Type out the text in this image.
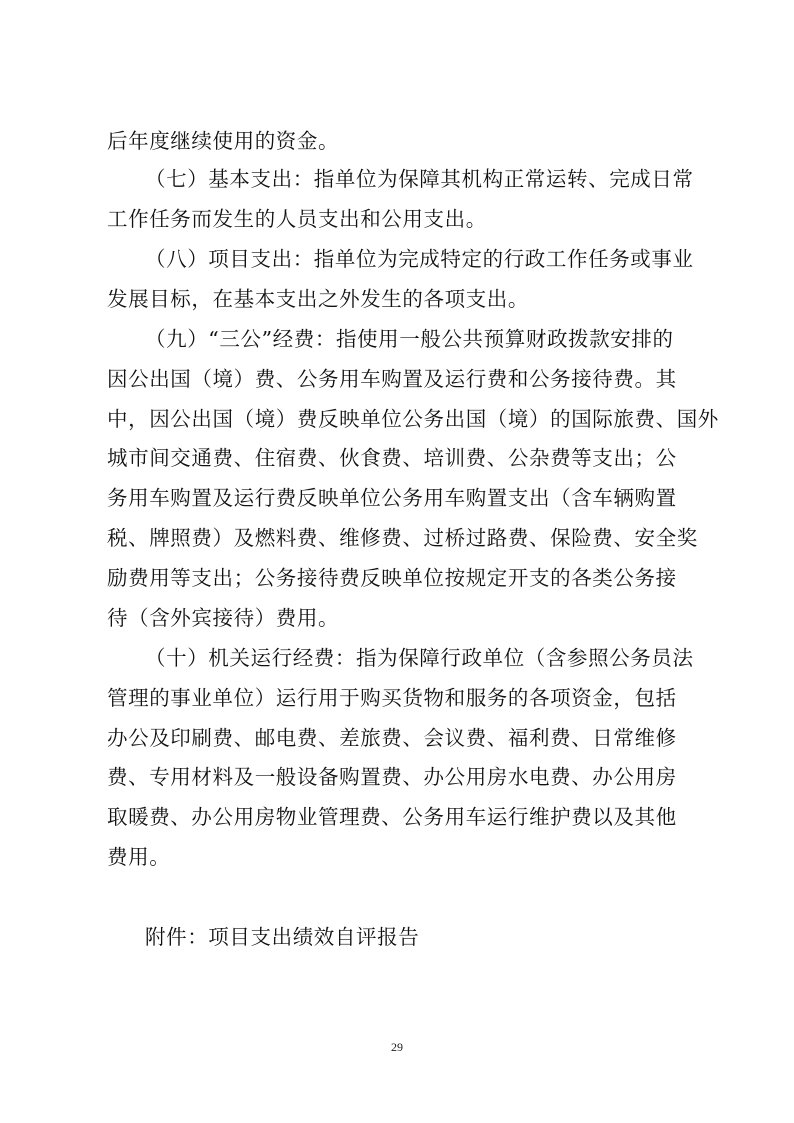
后年度继续使用的资金。
（七）基本支出：指单位为保障其机构正常运转、完成日常
工作任务而发生的人员支出和公用支出。
（八）项目支出：指单位为完成特定的行政工作任务或事业
发展目标，在基本支出之外发生的各项支出。
（九）“三公”经费：指使用一般公共预算财政拨款安排的
因公出国（境）费、公务用车购置及运行费和公务接待费。其
中，因公出国（境）费反映单位公务出国（境）的国际旅费、国外
城市间交通费、住宿费、伙食费、培训费、公杂费等支出；公
务用车购置及运行费反映单位公务用车购置支出（含车辆购置
税、牌照费）及燃料费、维修费、过桥过路费、保险费、安全奖
励费用等支出；公务接待费反映单位按规定开支的各类公务接
待（含外宾接待）费用。
（十）机关运行经费：指为保障行政单位（含参照公务员法
管理的事业单位）运行用于购买货物和服务的各项资金，包括
办公及印刷费、邮电费、差旅费、会议费、福利费、日常维修
费、专用材料及一般设备购置费、办公用房水电费、办公用房
取暖费、办公用房物业管理费、公务用车运行维护费以及其他
费用。
附件：项目支出绩效自评报告
29
